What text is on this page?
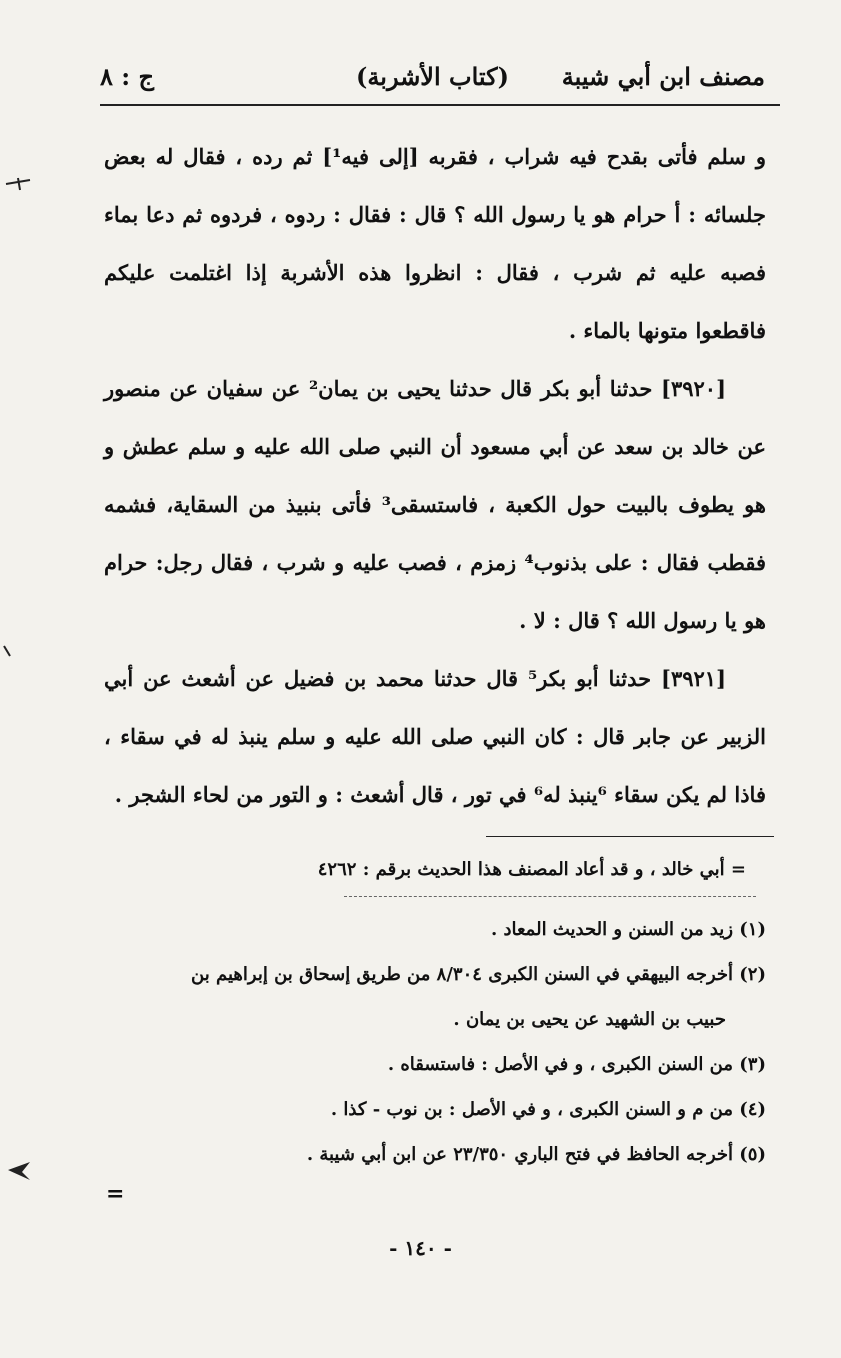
مصنف ابن أبي شيبة
(كتاب الأشربة)
ج : ٨

و سلم فأتى بقدح فيه شراب ، فقربه [إلى فيه¹] ثم رده ، فقال له بعض جلسائه : أ حرام هو يا رسول الله ؟ قال : فقال : ردوه ، فردوه ثم دعا بماء فصبه عليه ثم شرب ، فقال : انظروا هذه الأشربة إذا اغتلمت عليكم فاقطعوا متونها بالماء .

[٣٩٢٠] حدثنا أبو بكر قال حدثنا يحيى بن يمان² عن سفيان عن منصور عن خالد بن سعد عن أبي مسعود أن النبي صلى الله عليه و سلم عطش و هو يطوف بالبيت حول الكعبة ، فاستسقى³ فأتى بنبيذ من السقاية، فشمه فقطب فقال : على بذنوب⁴ زمزم ، فصب عليه و شرب ، فقال رجل: حرام هو يا رسول الله ؟ قال : لا .

[٣٩٢١] حدثنا أبو بكر⁵ قال حدثنا محمد بن فضيل عن أشعث عن أبي الزبير عن جابر قال : كان النبي صلى الله عليه و سلم ينبذ له في سقاء ، فاذا لم يكن سقاء ⁶ينبذ له⁶ في تور ، قال أشعث : و التور من لحاء الشجر .

= أبي خالد ، و قد أعاد المصنف هذا الحديث برقم : ٤٢٦٢

(١) زيد من السنن و الحديث المعاد .

(٢) أخرجه البيهقي في السنن الكبرى ٨/٣٠٤ من طريق إسحاق بن إبراهيم بن

حبيب بن الشهيد عن يحيى بن يمان .

(٣) من السنن الكبرى ، و في الأصل : فاستسقاه .

(٤) من م و السنن الكبرى ، و في الأصل : بن نوب - كذا .

(٥) أخرجه الحافظ في فتح الباري ٢٣/٣٥٠ عن ابن أبي شيبة .

=
- ١٤٠ -
